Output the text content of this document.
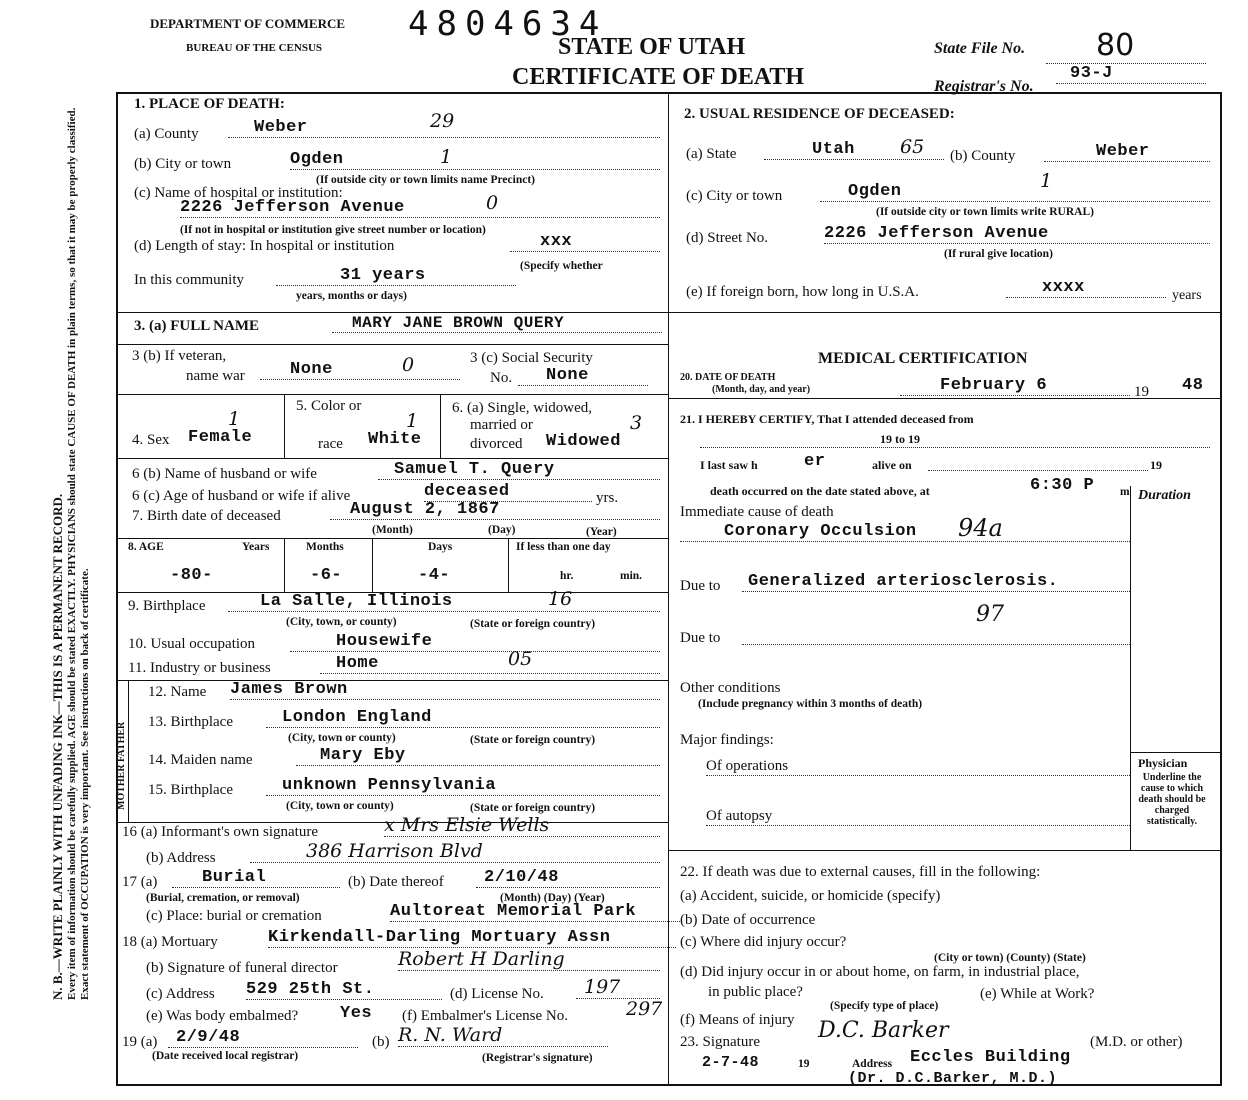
N. B.—WRITE PLAINLY WITH UNFADING INK—THIS IS A PERMANENT RECORD. Every item of information should be carefully supplied. AGE should be stated EXACTLY. PHYSICIANS should state CAUSE OF DEATH in plain terms, so that it may be properly classified. Exact statement of OCCUPATION is very important. See instructions on back of certificate.	MOTHER FATHER
DEPARTMENT OF COMMERCE
BUREAU OF THE CENSUS
4804634
STATE OF UTAH
CERTIFICATE OF DEATH
State File No.	80
Registrar's No.
93-J
1. PLACE OF DEATH:
(a) County	Weber	29
(b) City or town	Ogden	1
(If outside city or town limits name Precinct)
(c) Name of hospital or institution:
2226 Jefferson Avenue	0
(If not in hospital or institution give street number or location)
(d) Length of stay: In hospital or institution	xxx
(Specify whether
In this community	31 years
years, months or days)
2. USUAL RESIDENCE OF DECEASED:
(a) State	Utah	65 (b) County	Weber
(c) City or town	Ogden	1
(If outside city or town limits write RURAL)
(d) Street No.	2226 Jefferson Avenue
(If rural give location)
(e) If foreign born, how long in U.S.A.	xxxx	years
3. (a) FULL NAME	MARY JANE BROWN QUERY
3 (b) If veteran,
name war	None	0	3 (c) Social Security
No.	None
4. Sex Female
1
5. Color or
race White
1
6. (a) Single, widowed,
married or
divorced Widowed
3
6 (b) Name of husband or wife	Samuel T. Query
6 (c) Age of husband or wife if alive	deceased	yrs.
7. Birth date of deceased	August 2, 1867
(Month)	(Day)	(Year)
8. AGE	Years	Months	Days	If less than one day
-80-	-6-	-4-	hr.	min.
9. Birthplace	La Salle, Illinois	16
(City, town, or county)	(State or foreign country)
10. Usual occupation	Housewife
11. Industry or business	Home	05
12. Name James Brown
13. Birthplace	London England
(City, town or county)	(State or foreign country)
14. Maiden name	Mary Eby
15. Birthplace	unknown Pennsylvania
(City, town or county)	(State or foreign country)
16 (a) Informant's own signature	x Mrs Elsie Wells
(b) Address	386 Harrison Blvd
17 (a)	Burial
(Burial, cremation, or removal)
(b) Date thereof	2/10/48
(Month) (Day) (Year)
(c) Place: burial or cremation	Aultoreat Memorial Park
18 (a) Mortuary	Kirkendall-Darling Mortuary Assn
(b) Signature of funeral director	Robert H Darling
(c) Address 529 25th St.	(d) License No.	197
(e) Was body embalmed? Yes (f) Embalmer's License No.	297
19 (a)	2/9/48
(Date received local registrar)
(b) R. N. Ward
(Registrar's signature)
MEDICAL CERTIFICATION
20. DATE OF DEATH
(Month, day, and year)	February 6	19 48
21. I HEREBY CERTIFY, That I attended deceased from
19 to 19
I last saw h	er	alive on	19
death occurred on the date stated above, at	6:30 P m Duration
Immediate cause of death
Coronary Occulsion	94a
Due to	Generalized arteriosclerosis.
97
Due to
Other conditions
(Include pregnancy within 3 months of death)
Major findings:
Of operations
Of autopsy
Physician
Underline the cause to which death should be charged statistically.
22. If death was due to external causes, fill in the following:
(a) Accident, suicide, or homicide (specify)
(b) Date of occurrence
(c) Where did injury occur?
(City or town) (County) (State)
(d) Did injury occur in or about home, on farm, in industrial place,
in public place?
(Specify type of place)
(e) While at Work?
(f) Means of injury
23. Signature	D.C. Barker	(M.D. or other)
2-7-48	19	Address Eccles Building
(Dr. D.C.Barker, M.D.)
